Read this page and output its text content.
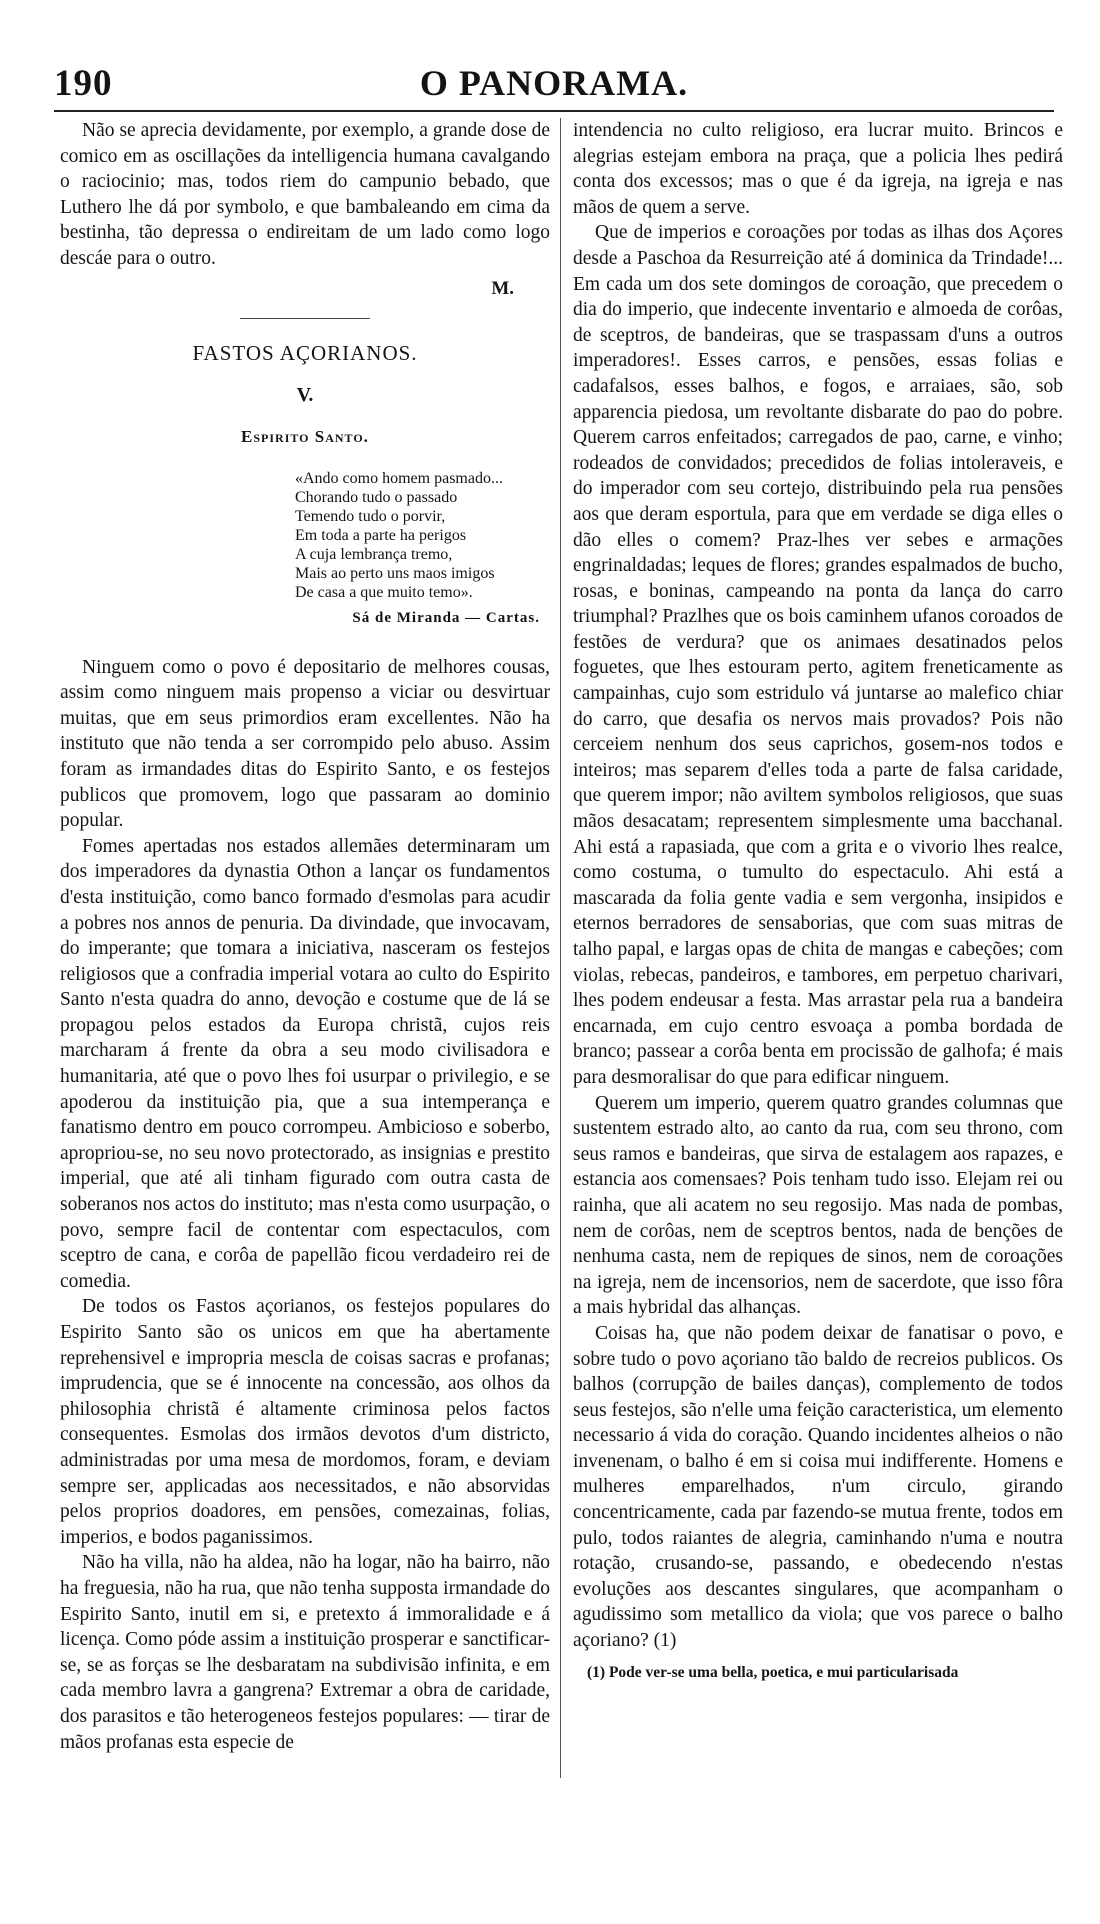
190	O PANORAMA.

Não se aprecia devidamente, por exemplo, a grande dose de comico em as oscillações da intelligencia humana cavalgando o raciocinio; mas, todos riem do campunio bebado, que Luthero lhe dá por symbolo, e que bambaleando em cima da bestinha, tão depressa o endireitam de um lado como logo descáe para o outro.

M.
FASTOS AÇORIANOS.
V.
Espirito Santo.
«Ando como homem pasmado...
Chorando tudo o passado
Temendo tudo o porvir,
Em toda a parte ha perigos
A cuja lembrança tremo,
Mais ao perto uns maos imigos
De casa a que muito temo».
Sá de Miranda — Cartas.

Ninguem como o povo é depositario de melhores cousas, assim como ninguem mais propenso a viciar ou desvirtuar muitas, que em seus primordios eram excellentes. Não ha instituto que não tenda a ser corrompido pelo abuso. Assim foram as irmandades ditas do Espirito Santo, e os festejos publicos que promovem, logo que passaram ao dominio popular.

Fomes apertadas nos estados allemães determinaram um dos imperadores da dynastia Othon a lançar os fundamentos d'esta instituição, como banco formado d'esmolas para acudir a pobres nos annos de penuria. Da divindade, que invocavam, do imperante; que tomara a iniciativa, nasceram os festejos religiosos que a confradia imperial votara ao culto do Espirito Santo n'esta quadra do anno, devoção e costume que de lá se propagou pelos estados da Europa christã, cujos reis marcharam á frente da obra a seu modo civilisadora e humanitaria, até que o povo lhes foi usurpar o privilegio, e se apoderou da instituição pia, que a sua intemperança e fanatismo dentro em pouco corrompeu. Ambicioso e soberbo, apropriou-se, no seu novo protectorado, as insignias e prestito imperial, que até ali tinham figurado com outra casta de soberanos nos actos do instituto; mas n'esta como usurpação, o povo, sempre facil de contentar com espectaculos, com sceptro de cana, e corôa de papellão ficou verdadeiro rei de comedia.

De todos os Fastos açorianos, os festejos populares do Espirito Santo são os unicos em que ha abertamente reprehensivel e impropria mescla de coisas sacras e profanas; imprudencia, que se é innocente na concessão, aos olhos da philosophia christã é altamente criminosa pelos factos consequentes. Esmolas dos irmãos devotos d'um districto, administradas por uma mesa de mordomos, foram, e deviam sempre ser, applicadas aos necessitados, e não absorvidas pelos proprios doadores, em pensões, comezainas, folias, imperios, e bodos paganissimos.

Não ha villa, não ha aldea, não ha logar, não ha bairro, não ha freguesia, não ha rua, que não tenha supposta irmandade do Espirito Santo, inutil em si, e pretexto á immoralidade e á licença. Como póde assim a instituição prosperar e sanctificar-se, se as forças se lhe desbaratam na subdivisão infinita, e em cada membro lavra a gangrena? Extremar a obra de caridade, dos parasitos e tão heterogeneos festejos populares: — tirar de mãos profanas esta especie de

intendencia no culto religioso, era lucrar muito. Brincos e alegrias estejam embora na praça, que a policia lhes pedirá conta dos excessos; mas o que é da igreja, na igreja e nas mãos de quem a serve.

Que de imperios e coroações por todas as ilhas dos Açores desde a Paschoa da Resurreição até á dominica da Trindade!... Em cada um dos sete domingos de coroação, que precedem o dia do imperio, que indecente inventario e almoeda de corôas, de sceptros, de bandeiras, que se traspassam d'uns a outros imperadores!. Esses carros, e pensões, essas folias e cadafalsos, esses balhos, e fogos, e arraiaes, são, sob apparencia piedosa, um revoltante disbarate do pao do pobre. Querem carros enfeitados; carregados de pao, carne, e vinho; rodeados de convidados; precedidos de folias intoleraveis, e do imperador com seu cortejo, distribuindo pela rua pensões aos que deram esportula, para que em verdade se diga elles o dão elles o comem? Praz-lhes ver sebes e armações engrinaldadas; leques de flores; grandes espalmados de bucho, rosas, e boninas, campeando na ponta da lança do carro triumphal? Prazlhes que os bois caminhem ufanos coroados de festões de verdura? que os animaes desatinados pelos foguetes, que lhes estouram perto, agitem freneticamente as campainhas, cujo som estridulo vá juntarse ao malefico chiar do carro, que desafia os nervos mais provados? Pois não cerceiem nenhum dos seus caprichos, gosem-nos todos e inteiros; mas separem d'elles toda a parte de falsa caridade, que querem impor; não aviltem symbolos religiosos, que suas mãos desacatam; representem simplesmente uma bacchanal. Ahi está a rapasiada, que com a grita e o vivorio lhes realce, como costuma, o tumulto do espectaculo. Ahi está a mascarada da folia gente vadia e sem vergonha, insipidos e eternos berradores de sensaborias, que com suas mitras de talho papal, e largas opas de chita de mangas e cabeções; com violas, rebecas, pandeiros, e tambores, em perpetuo charivari, lhes podem endeusar a festa. Mas arrastar pela rua a bandeira encarnada, em cujo centro esvoaça a pomba bordada de branco; passear a corôa benta em procissão de galhofa; é mais para desmoralisar do que para edificar ninguem.

Querem um imperio, querem quatro grandes columnas que sustentem estrado alto, ao canto da rua, com seu throno, com seus ramos e bandeiras, que sirva de estalagem aos rapazes, e estancia aos comensaes? Pois tenham tudo isso. Elejam rei ou rainha, que ali acatem no seu regosijo. Mas nada de pombas, nem de corôas, nem de sceptros bentos, nada de benções de nenhuma casta, nem de repiques de sinos, nem de coroações na igreja, nem de incensorios, nem de sacerdote, que isso fôra a mais hybridal das alhanças.

Coisas ha, que não podem deixar de fanatisar o povo, e sobre tudo o povo açoriano tão baldo de recreios publicos. Os balhos (corrupção de bailes danças), complemento de todos seus festejos, são n'elle uma feição caracteristica, um elemento necessario á vida do coração. Quando incidentes alheios o não invenenam, o balho é em si coisa mui indifferente. Homens e mulheres emparelhados, n'um circulo, girando concentricamente, cada par fazendo-se mutua frente, todos em pulo, todos raiantes de alegria, caminhando n'uma e noutra rotação, crusando-se, passando, e obedecendo n'estas evoluções aos descantes singulares, que acompanham o agudissimo som metallico da viola; que vos parece o balho açoriano? (1)

(1) Pode ver-se uma bella, poetica, e mui particularisada
